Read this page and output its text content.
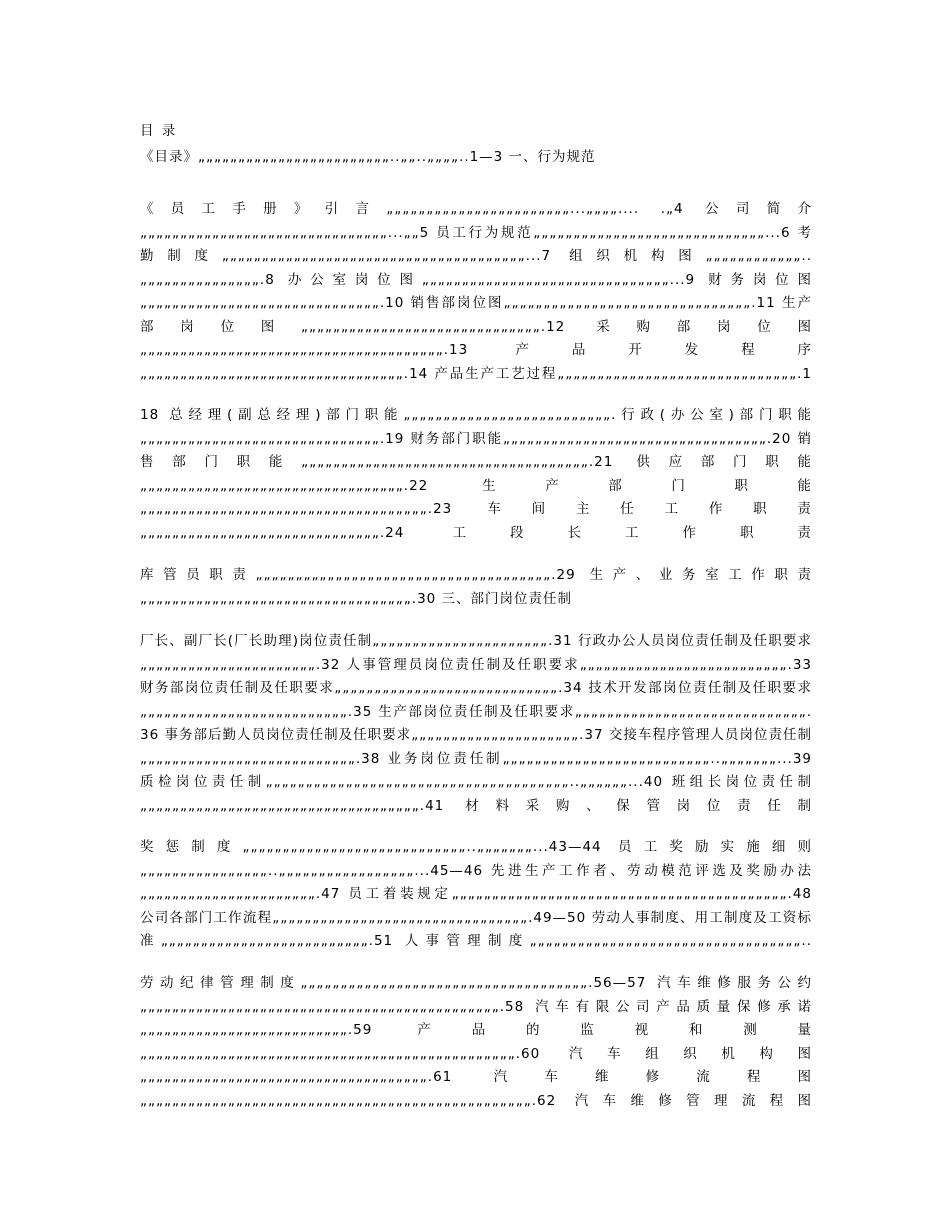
目 录

《目录》„„„„„„„„„„„„„„„„„„„„„„„„..„„..„„„„..1—3 一、行为规范

《员工手册》引言„„„„„„„„„„„„„„„„„„„„„„„...„„„„.... .„4 公司简介„„„„„„„„„„„„„„„„„„„„„„„„„„„„„„„...„„5 员工行为规范„„„„„„„„„„„„„„„„„„„„„„„„„„„„„...6 考勤制度„„„„„„„„„„„„„„„„„„„„„„„„„„„„„„„„„„„„„„...7 组织机构图„„„„„„„„„„„„..„„„„„„„„„„„„„„„.8 办公室岗位图„„„„„„„„„„„„„„„„„„„„„„„„„„„„„„„...9 财务岗位图„„„„„„„„„„„„„„„„„„„„„„„„„„„„„„.10 销售部岗位图„„„„„„„„„„„„„„„„„„„„„„„„„„„„„„„.11 生产部岗位图„„„„„„„„„„„„„„„„„„„„„„„„„„„„„„.12 采购部岗位图„„„„„„„„„„„„„„„„„„„„„„„„„„„„„„„„„„„„„„.13 产品开发程序„„„„„„„„„„„„„„„„„„„„„„„„„„„„„„„„„.14 产品生产工艺过程„„„„„„„„„„„„„„„„„„„„„„„„„„„„„„.1

18 总经理(副总经理)部门职能„„„„„„„„„„„„„„„„„„„„„„„„„„.行政(办公室)部门职能„„„„„„„„„„„„„„„„„„„„„„„„„„„„„„.19 财务部门职能„„„„„„„„„„„„„„„„„„„„„„„„„„„„„„„„„.20 销售部门职能„„„„„„„„„„„„„„„„„„„„„„„„„„„„„„„„„„„„.21 供应部门职能„„„„„„„„„„„„„„„„„„„„„„„„„„„„„„„„„.22 生产部门职能„„„„„„„„„„„„„„„„„„„„„„„„„„„„„„„„„„„„.23 车间主任工作职责„„„„„„„„„„„„„„„„„„„„„„„„„„„„„„.24 工段长工作职责

库管员职责„„„„„„„„„„„„„„„„„„„„„„„„„„„„„„„„„„„„„.29 生产、业务室工作职责„„„„„„„„„„„„„„„„„„„„„„„„„„„„„„„„„„.30 三、部门岗位责任制

厂长、副厂长(厂长助理)岗位责任制„„„„„„„„„„„„„„„„„„„„„„.31 行政办公人员岗位责任制及任职要求„„„„„„„„„„„„„„„„„„„„„„.32 人事管理员岗位责任制及任职要求„„„„„„„„„„„„„„„„„„„„„„„„„„.33 财务部岗位责任制及任职要求„„„„„„„„„„„„„„„„„„„„„„„„„„„„.34 技术开发部岗位责任制及任职要求„„„„„„„„„„„„„„„„„„„„„„„„„„.35 生产部岗位责任制及任职要求„„„„„„„„„„„„„„„„„„„„„„„„„„„„„.36 事务部后勤人员岗位责任制及任职要求„„„„„„„„„„„„„„„„„„„„„.37 交接车程序管理人员岗位责任制„„„„„„„„„„„„„„„„„„„„„„„„„„„.38 业务岗位责任制„„„„„„„„„„„„„„„„„„„„„„„„„„..„„„„„„„...39 质检岗位责任制„„„„„„„„„„„„„„„„„„„„„„„„„„„„„„„„„„„„„„..„„„„„„...40 班组长岗位责任制„„„„„„„„„„„„„„„„„„„„„„„„„„„„„„„„„„„.41 材料采购、保管岗位责任制

奖惩制度„„„„„„„„„„„„„„„„„„„„„„„„„„„„..„„„„„„„...43—44 员工奖励实施细则„„„„„„„„„„„„„„„„..„„„„„„„„„„„„„„„„„...45—46 先进生产工作者、劳动模范评选及奖励办法„„„„„„„„„„„„„„„„„„„„„„.47 员工着装规定„„„„„„„„„„„„„„„„„„„„„„„„„„„„„„„„„„„„„„„„„„.48 公司各部门工作流程„„„„„„„„„„„„„„„„„„„„„„„„„„„„„„„„.49—50 劳动人事制度、用工制度及工资标准„„„„„„„„„„„„„„„„„„„„„„„„„„.51 人事管理制度„„„„„„„„„„„„„„„„„„„„„„„„„„„„„„„„„„..

劳动纪律管理制度„„„„„„„„„„„„„„„„„„„„„„„„„„„„„„„„„„„„.56—57 汽车维修服务公约„„„„„„„„„„„„„„„„„„„„„„„„„„„„„„„„„„„„„„„„„„„„„.58 汽车有限公司产品质量保修承诺„„„„„„„„„„„„„„„„„„„„„„„„„„.59 产品的监视和测量„„„„„„„„„„„„„„„„„„„„„„„„„„„„„„„„„„„„„„„„„„„„„„„.60 汽车组织机构图„„„„„„„„„„„„„„„„„„„„„„„„„„„„„„„„„„„„.61 汽车维修流程图„„„„„„„„„„„„„„„„„„„„„„„„„„„„„„„„„„„„„„„„„„„„„„„„„.62 汽车维修管理流程图
